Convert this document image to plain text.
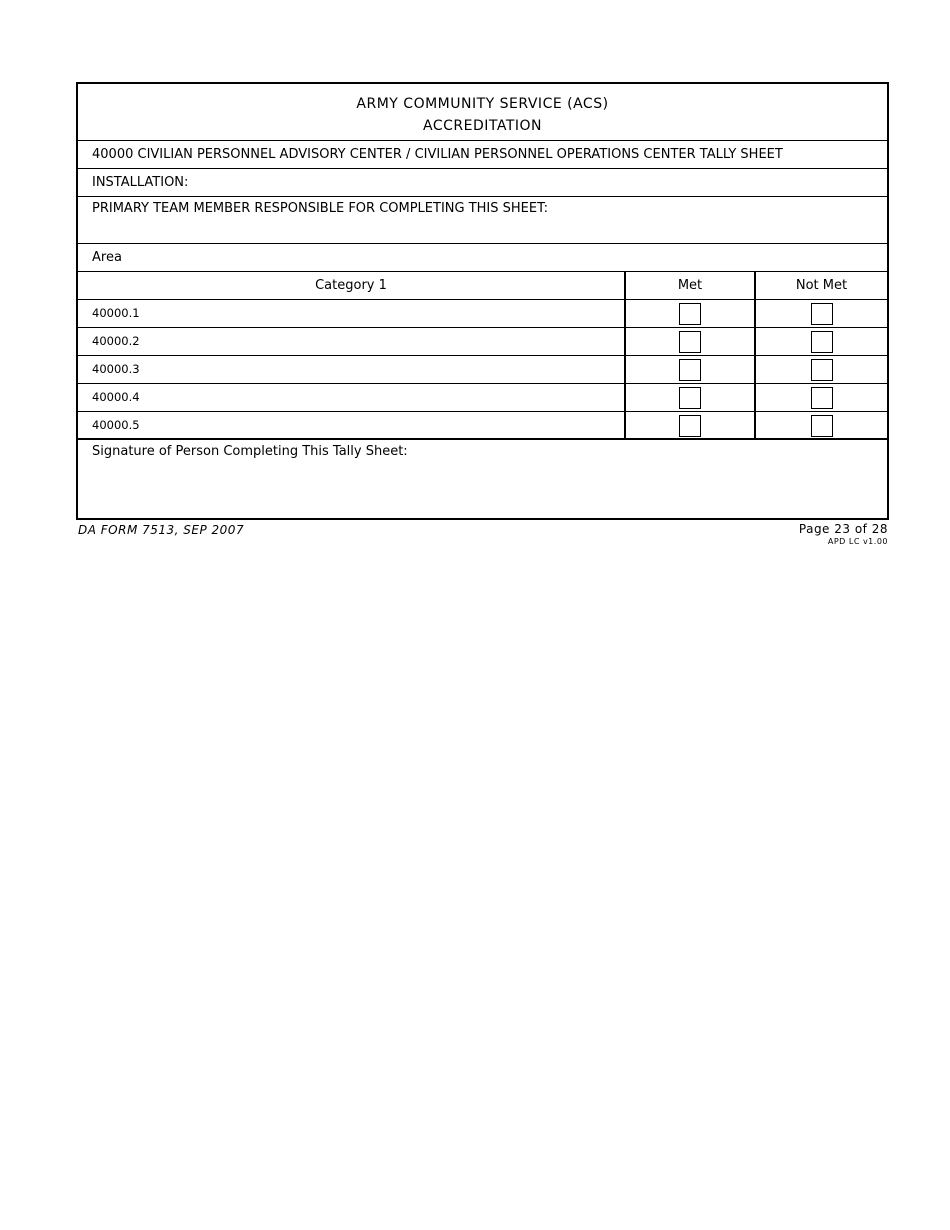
ARMY COMMUNITY SERVICE (ACS)
ACCREDITATION
40000 CIVILIAN PERSONNEL ADVISORY CENTER / CIVILIAN PERSONNEL OPERATIONS CENTER TALLY SHEET
INSTALLATION:
PRIMARY TEAM MEMBER RESPONSIBLE FOR COMPLETING THIS SHEET:
Area
Category 1	Met	Not Met
40000.1
40000.2
40000.3
40000.4
40000.5
Signature of Person Completing This Tally Sheet:
DA FORM 7513, SEP 2007	Page 23 of 28
APD LC v1.00
